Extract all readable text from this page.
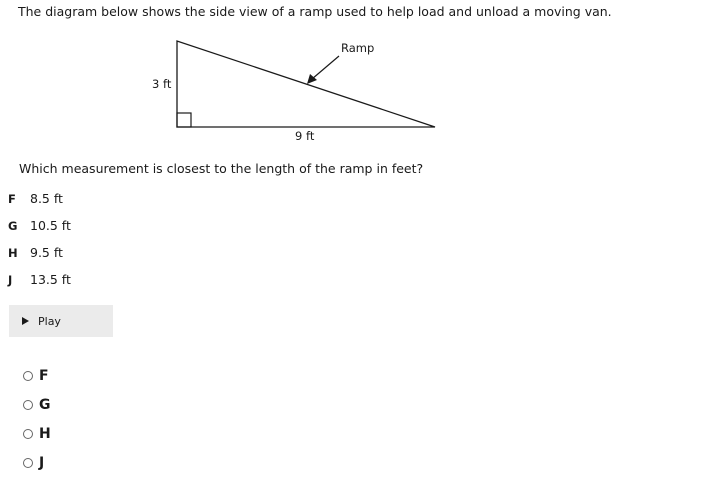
The diagram below shows the side view of a ramp used to help load and unload a moving van.
Ramp
3 ft
9 ft
Which measurement is closest to the length of the ramp in feet?
F	8.5 ft
G	10.5 ft
H 9.5 ft
J	13.5 ft
Play
F
G
H
J
